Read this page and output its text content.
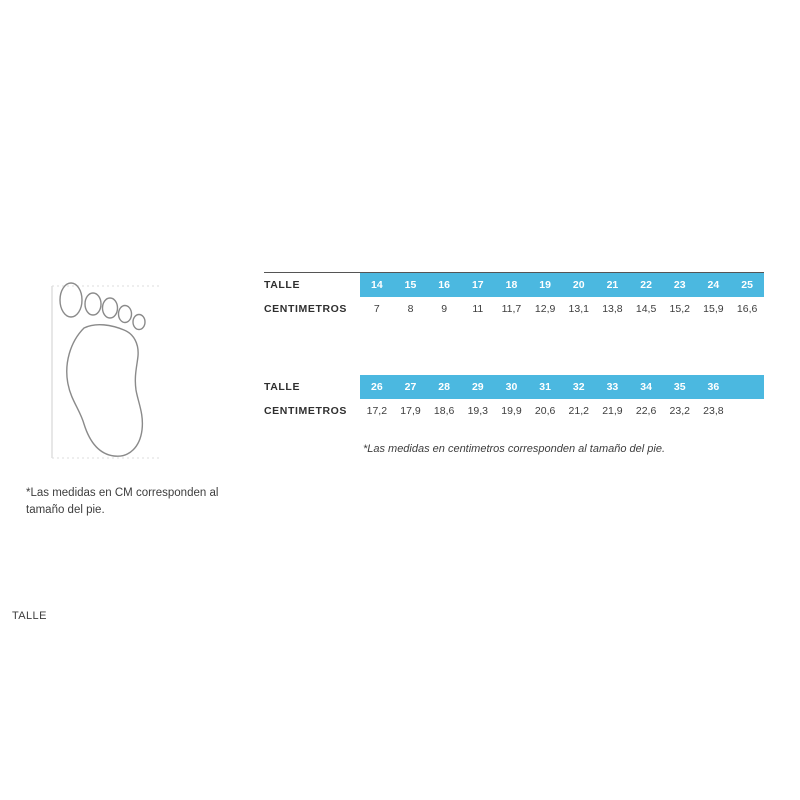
TALLE
*Las medidas en CM corresponden al tamaño del pie.
TALLE	14	15	16	17	18	19	20	21	22	23	24	25
CENTIMETROS	7	8	9	11	11,7	12,9	13,1	13,8	14,5	15,2	15,9	16,6
TALLE	26	27	28	29	30	31	32	33	34	35	36	
CENTIMETROS	17,2	17,9	18,6	19,3	19,9	20,6	21,2	21,9	22,6	23,2	23,8	
*Las medidas en centimetros corresponden al tamaño del pie.
